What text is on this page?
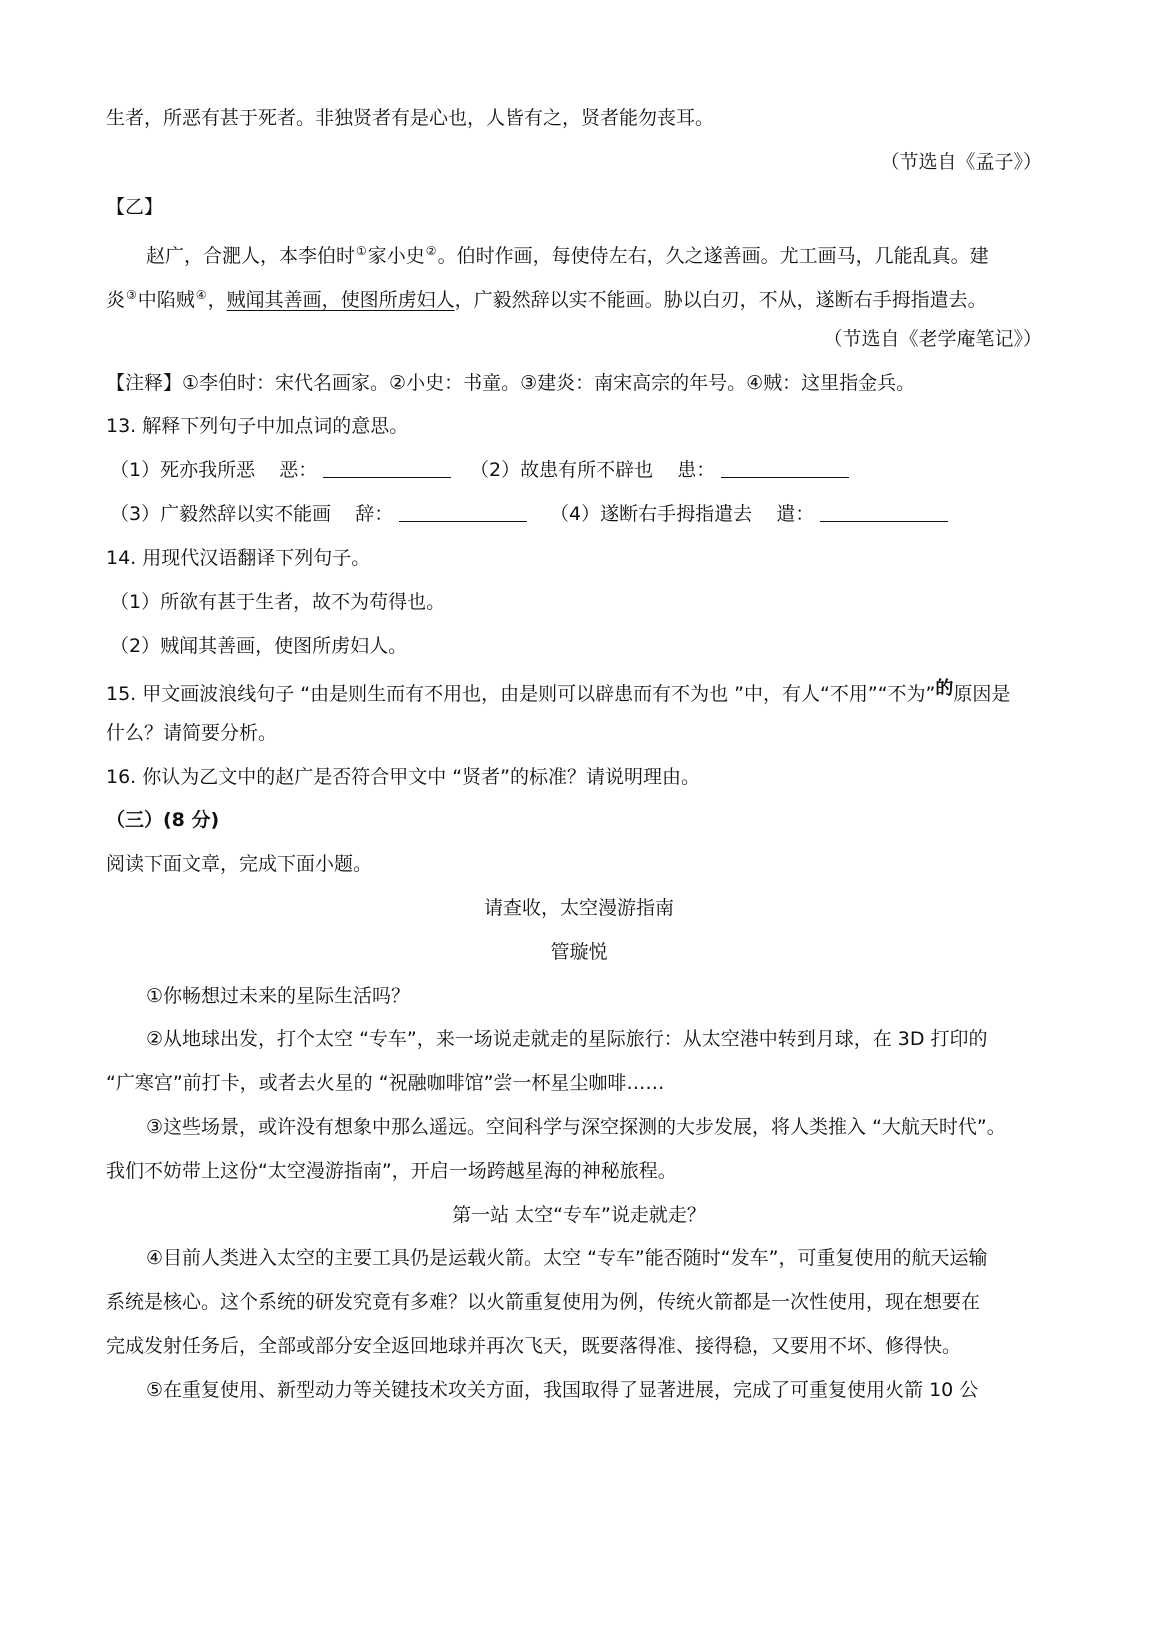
生者，所恶有甚于死者。非独贤者有是心也，人皆有之，贤者能勿丧耳。
（节选自《孟子》）
【乙】
赵广，合淝人，本李伯时①家小史②。伯时作画，每使侍左右，久之遂善画。尤工画马，几能乱真。建
炎③中陷贼④，贼闻其善画，使图所虏妇人，广毅然辞以实不能画。胁以白刃，不从，遂断右手拇指遣去。
（节选自《老学庵笔记》）
【注释】①李伯时：宋代名画家。②小史：书童。③建炎：南宋高宗的年号。④贼：这里指金兵。
13. 解释下列句子中加点词的意思。
（1）死亦我所恶 恶：	（2）故患有所不辟也 患：
（3）广毅然辞以实不能画 辞：	（4）遂断右手拇指遣去 遣：
14. 用现代汉语翻译下列句子。
（1）所欲有甚于生者，故不为苟得也。
（2）贼闻其善画，使图所虏妇人。
15. 甲文画波浪线句子 “由是则生而有不用也，由是则可以辟患而有不为也 ”中，有人“不用”“不为”的原因是
什么？请简要分析。
16. 你认为乙文中的赵广是否符合甲文中 “贤者”的标准？请说明理由。
（三）(8 分)
阅读下面文章，完成下面小题。
请查收，太空漫游指南
管璇悦
①你畅想过未来的星际生活吗？
②从地球出发，打个太空 “专车”，来一场说走就走的星际旅行：从太空港中转到月球，在 3D 打印的
“广寒宫”前打卡，或者去火星的 “祝融咖啡馆”尝一杯星尘咖啡……
③这些场景，或许没有想象中那么遥远。空间科学与深空探测的大步发展，将人类推入 “大航天时代”。
我们不妨带上这份“太空漫游指南”，开启一场跨越星海的神秘旅程。
第一站 太空“专车”说走就走？
④目前人类进入太空的主要工具仍是运载火箭。太空 “专车”能否随时“发车”，可重复使用的航天运输
系统是核心。这个系统的研发究竟有多难？以火箭重复使用为例，传统火箭都是一次性使用，现在想要在
完成发射任务后，全部或部分安全返回地球并再次飞天，既要落得准、接得稳，又要用不坏、修得快。
⑤在重复使用、新型动力等关键技术攻关方面，我国取得了显著进展，完成了可重复使用火箭 10 公
